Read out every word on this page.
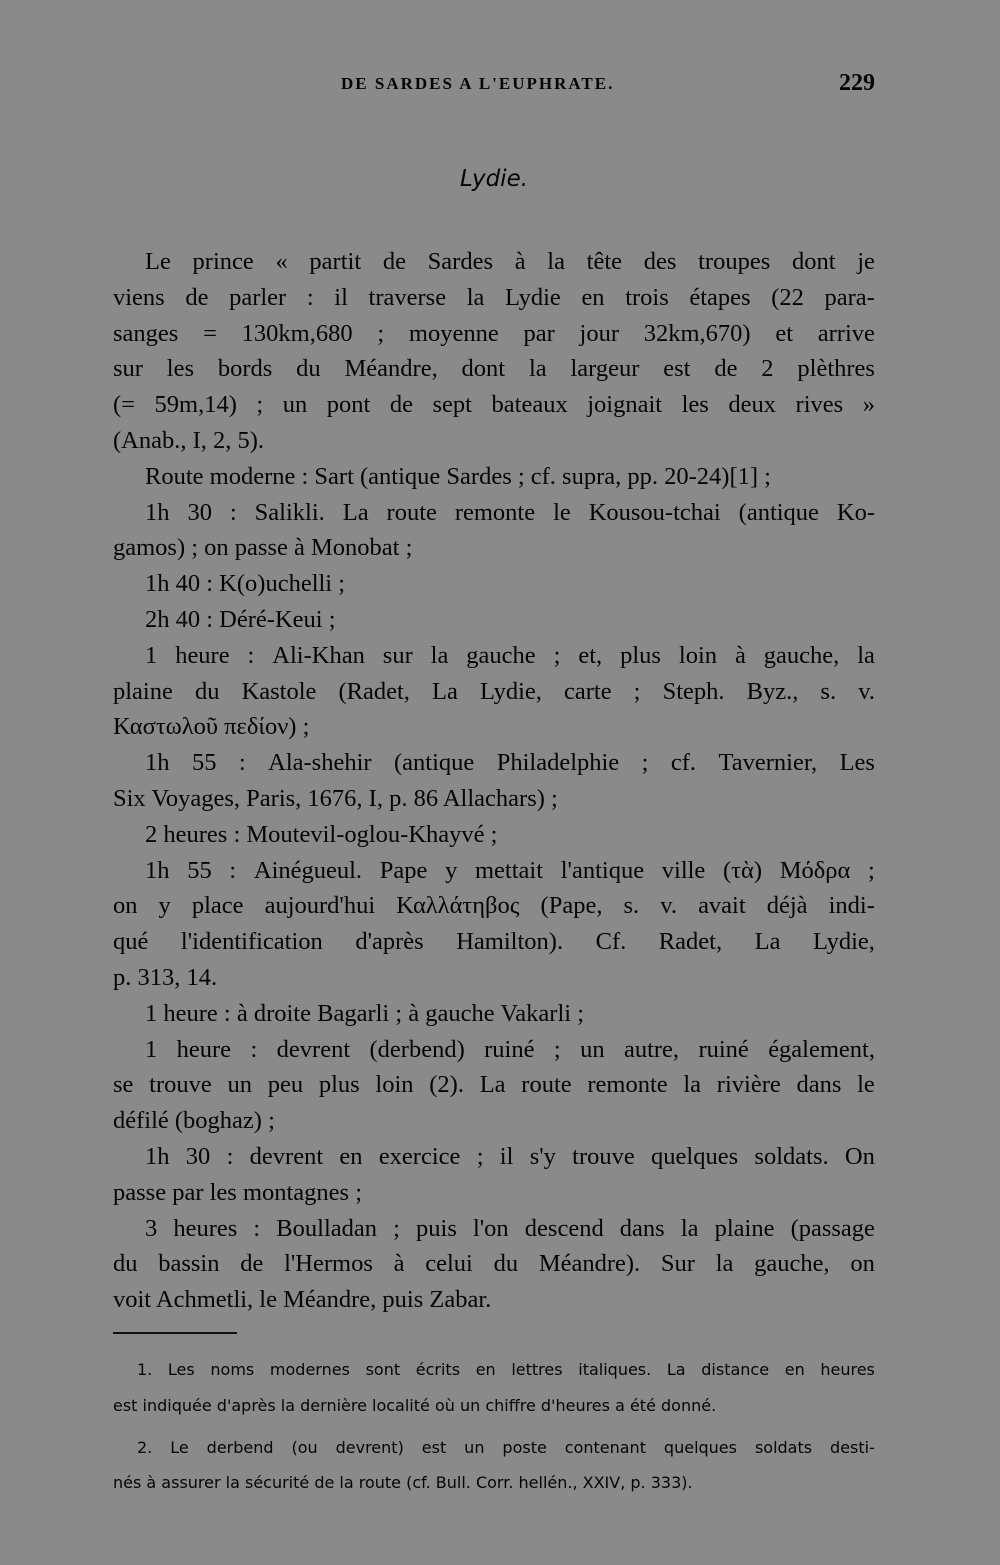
DE SARDES A L'EUPHRATE.	229
Lydie.
Le prince « partit de Sardes à la tête des troupes dont je
viens de parler : il traverse la Lydie en trois étapes (22 para-
sanges = 130km,680 ; moyenne par jour 32km,670) et arrive
sur les bords du Méandre, dont la largeur est de 2 plèthres
(= 59m,14) ; un pont de sept bateaux joignait les deux rives »
(Anab., I, 2, 5).
Route moderne : Sart (antique Sardes ; cf. supra, pp. 20-24)[1] ;
1h 30 : Salikli. La route remonte le Kousou-tchai (antique Ko-
gamos) ; on passe à Monobat ;
1h 40 : K(o)uchelli ;
2h 40 : Déré-Keui ;
1 heure : Ali-Khan sur la gauche ; et, plus loin à gauche, la
plaine du Kastole (Radet, La Lydie, carte ; Steph. Byz., s. v.
Καστωλοῦ πεδίον) ;
1h 55 : Ala-shehir (antique Philadelphie ; cf. Tavernier, Les
Six Voyages, Paris, 1676, I, p. 86 Allachars) ;
2 heures : Moutevil-oglou-Khayvé ;
1h 55 : Ainégueul. Pape y mettait l'antique ville (τὰ) Μόδρα ;
on y place aujourd'hui Καλλάτηβος (Pape, s. v. avait déjà indi-
qué l'identification d'après Hamilton). Cf. Radet, La Lydie,
p. 313, 14.
1 heure : à droite Bagarli ; à gauche Vakarli ;
1 heure : devrent (derbend) ruiné ; un autre, ruiné également,
se trouve un peu plus loin (2). La route remonte la rivière dans le
défilé (boghaz) ;
1h 30 : devrent en exercice ; il s'y trouve quelques soldats. On
passe par les montagnes ;
3 heures : Boulladan ; puis l'on descend dans la plaine (passage
du bassin de l'Hermos à celui du Méandre). Sur la gauche, on
voit Achmetli, le Méandre, puis Zabar.
1. Les noms modernes sont écrits en lettres italiques. La distance en heures
est indiquée d'après la dernière localité où un chiffre d'heures a été donné.
2. Le derbend (ou devrent) est un poste contenant quelques soldats desti-
nés à assurer la sécurité de la route (cf. Bull. Corr. hellén., XXIV, p. 333).
